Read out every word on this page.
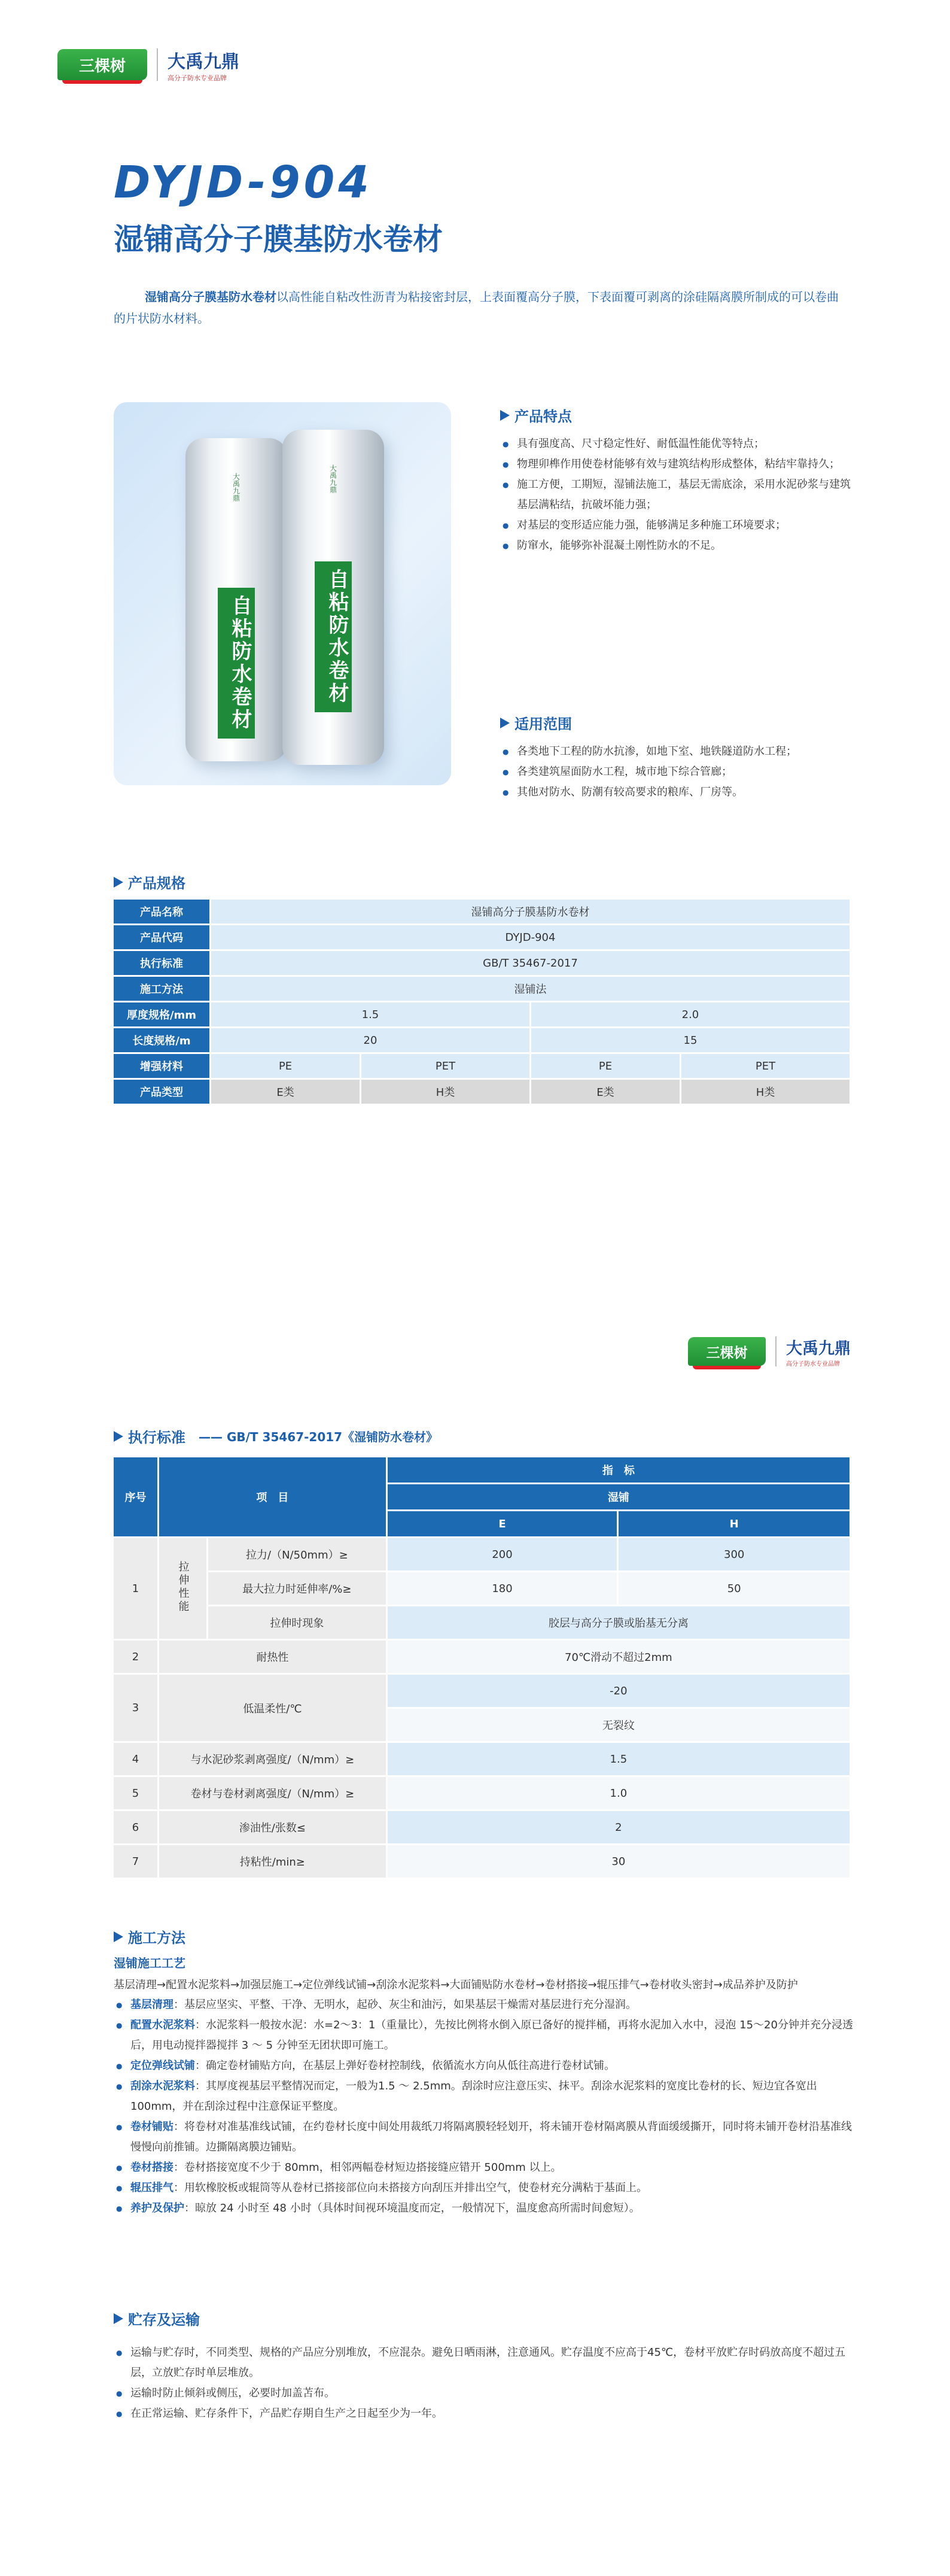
三棵树 大禹九鼎
高分子防水专业品牌
DYJD-904
湿铺高分子膜基防水卷材
湿铺高分子膜基防水卷材以高性能自粘改性沥青为粘接密封层，上表面覆高分子膜，下表面覆可剥离的涂硅隔离膜所制成的可以卷曲的片状防水材料。
大禹九鼎
自粘防水卷材
大禹九鼎
自粘防水卷材
产品特点
● 具有强度高、尺寸稳定性好、耐低温性能优等特点；
● 物理卯榫作用使卷材能够有效与建筑结构形成整体，粘结牢靠持久；
● 施工方便，工期短，湿铺法施工，基层无需底涂，采用水泥砂浆与建筑基层满粘结，抗破坏能力强；
● 对基层的变形适应能力强，能够满足多种施工环境要求；
● 防窜水，能够弥补混凝土刚性防水的不足。
适用范围
● 各类地下工程的防水抗渗，如地下室、地铁隧道防水工程；
● 各类建筑屋面防水工程，城市地下综合管廊；
● 其他对防水、防潮有较高要求的粮库、厂房等。
产品规格
产品名称	湿铺高分子膜基防水卷材			
产品代码	DYJD-904			
执行标准	GB/T 35467-2017			
施工方法	湿铺法			
厚度规格/mm	1.5		2.0	
长度规格/m	20		15	
增强材料	PE	PET	PE	PET
产品类型	E类	H类	E类	H类
三棵树 大禹九鼎
高分子防水专业品牌
执行标准 —— GB/T 35467-2017《湿铺防水卷材》
序号	项　目		指　标	
			湿铺	
			E	H
1	拉伸性能	拉力/（N/50mm）≥	200	300
		最大拉力时延伸率/%≥	180	50
		拉伸时现象	胶层与高分子膜或胎基无分离	
2	耐热性		70℃滑动不超过2mm	
3	低温柔性/℃		-20	
			无裂纹	
4	与水泥砂浆剥离强度/（N/mm）≥		1.5	
5	卷材与卷材剥离强度/（N/mm）≥		1.0	
6	渗油性/张数≤		2	
7	持粘性/min≥		30	
施工方法
湿铺施工工艺
基层清理→配置水泥浆料→加强层施工→定位弹线试铺→刮涂水泥浆料→大面铺贴防水卷材→卷材搭接→辊压排气→卷材收头密封→成品养护及防护
● 基层清理：基层应坚实、平整、干净、无明水，起砂、灰尘和油污，如果基层干燥需对基层进行充分湿润。
● 配置水泥浆料：水泥浆料一般按水泥：水=2～3：1（重量比），先按比例将水倒入原已备好的搅拌桶，再将水泥加入水中，浸泡 15～20分钟并充分浸透后，用电动搅拌器搅拌 3 ～ 5 分钟至无团状即可施工。
● 定位弹线试铺：确定卷材铺贴方向，在基层上弹好卷材控制线，依循流水方向从低往高进行卷材试铺。
● 刮涂水泥浆料：其厚度视基层平整情况而定，一般为1.5 ～ 2.5mm。刮涂时应注意压实、抹平。刮涂水泥浆料的宽度比卷材的长、短边宜各宽出 100mm，并在刮涂过程中注意保证平整度。
● 卷材铺贴：将卷材对准基准线试铺，在约卷材长度中间处用裁纸刀将隔离膜轻轻划开，将未铺开卷材隔离膜从背面缓缓撕开，同时将未铺开卷材沿基准线慢慢向前推铺。边撕隔离膜边铺贴。
● 卷材搭接：卷材搭接宽度不少于 80mm，相邻两幅卷材短边搭接缝应错开 500mm 以上。
● 辊压排气：用软橡胶板或辊筒等从卷材已搭接部位向未搭接方向刮压并排出空气，使卷材充分满粘于基面上。
● 养护及保护：晾放 24 小时至 48 小时（具体时间视环境温度而定，一般情况下，温度愈高所需时间愈短）。
贮存及运输
● 运输与贮存时，不同类型、规格的产品应分别堆放，不应混杂。避免日晒雨淋，注意通风。贮存温度不应高于45℃，卷材平放贮存时码放高度不超过五层，立放贮存时单层堆放。
● 运输时防止倾斜或侧压，必要时加盖苫布。
● 在正常运输、贮存条件下，产品贮存期自生产之日起至少为一年。
